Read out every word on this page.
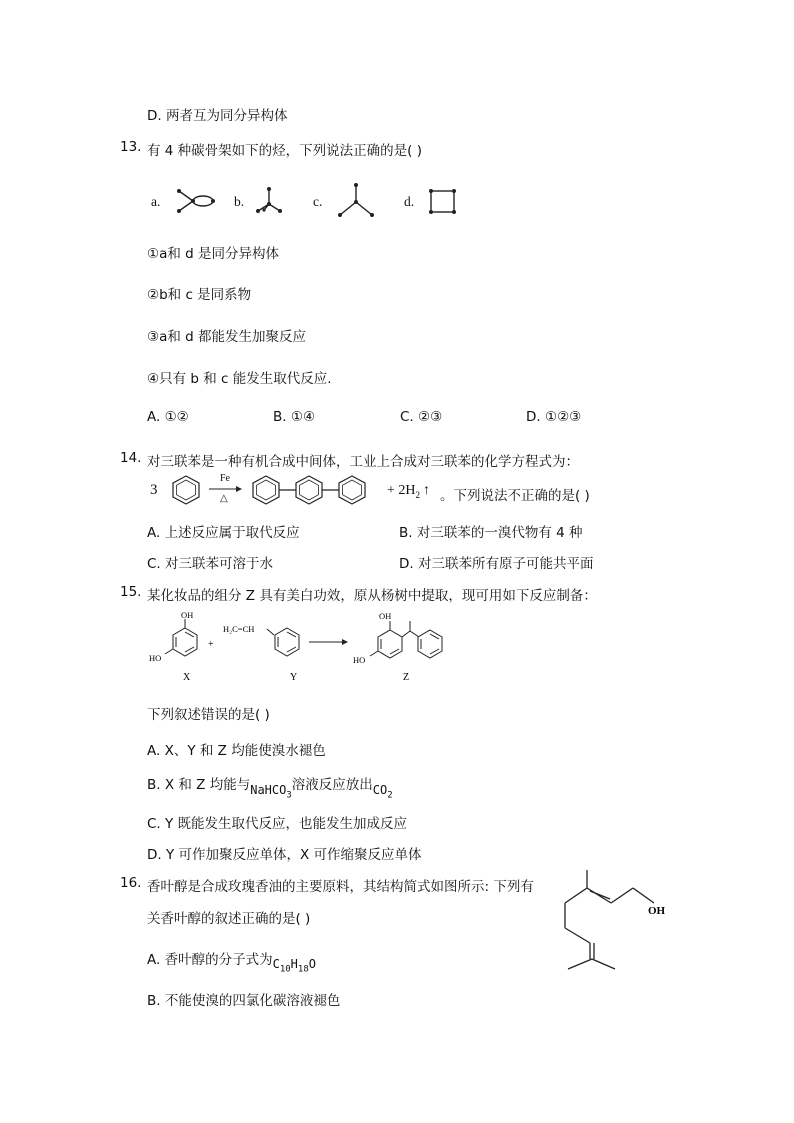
D. 两者互为同分异构体
13. 有 4 种碳骨架如下的烃，下列说法正确的是( )
a.	b.	c.	d.
①a和 d 是同分异构体
②b和 c 是同系物
③a和 d 都能发生加聚反应
④只有 b 和 c 能发生取代反应.
A. ①②	B. ①④	C. ②③	D. ①②③
14. 对三联苯是一种有机合成中间体，工业上合成对三联苯的化学方程式为：
3
Fe
△
+ $2H_2$ ↑ 。下列说法不正确的是( )
A. 上述反应属于取代反应	B. 对三联苯的一溴代物有 4 种
C. 对三联苯可溶于水	D. 对三联苯所有原子可能共平面
15. 某化妆品的组分 Z 具有美白功效，原从杨树中提取，现可用如下反应制备：
OH
HO
+
H₂C=CH
OH
HO
X	Y	Z
下列叙述错误的是( )
A. X、Y 和 Z 均能使溴水褪色
B. X 和 Z 均能与NaHCO$_3$溶液反应放出$CO_2$
C. Y 既能发生取代反应，也能发生加成反应
D. Y 可作加聚反应单体，X 可作缩聚反应单体
16. 香叶醇是合成玫瑰香油的主要原料，其结构简式如图所示: 下列有
关香叶醇的叙述正确的是( )	OH
A. 香叶醇的分子式为$C_{10}H_{18}O$
B. 不能使溴的四氯化碳溶液褪色
